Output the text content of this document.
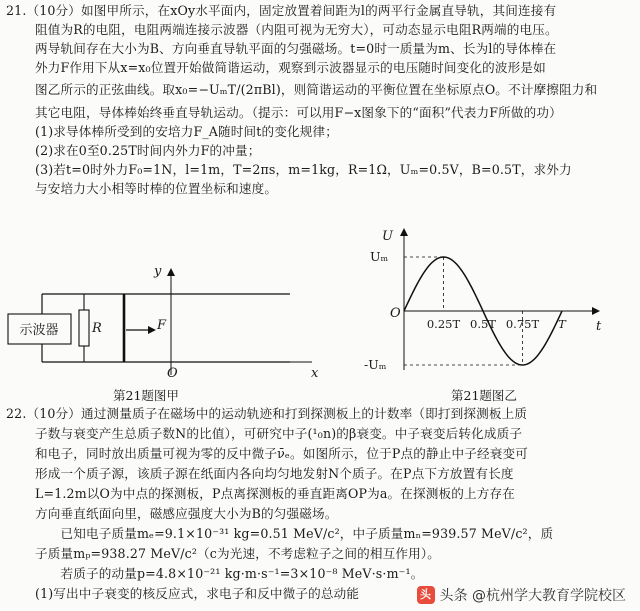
21.（10分）如图甲所示，在xOy水平面内，固定放置着间距为l的两平行金属直导轨，其间连接有
阻值为R的电阻，电阻两端连接示波器（内阻可视为无穷大），可动态显示电阻R两端的电压。
两导轨间存在大小为B、方向垂直导轨平面的匀强磁场。t=0时一质量为m、长为l的导体棒在
外力F作用下从x=x₀位置开始做简谐运动，观察到示波器显示的电压随时间变化的波形是如
图乙所示的正弦曲线。取x₀=−UₘT/(2πBl)，则简谐运动的平衡位置在坐标原点O。不计摩擦阻力和
其它电阻，导体棒始终垂直导轨运动。（提示：可以用F−x图象下的“面积”代表力F所做的功）
(1)求导体棒所受到的安培力F_A随时间t的变化规律；
(2)求在0至0.25T时间内外力F的冲量；
(3)若t=0时外力F₀=1N，l=1m，T=2πs，m=1kg，R=1Ω，Uₘ=0.5V，B=0.5T，求外力
与安培力大小相等时棒的位置坐标和速度。
示波器	R	F
y
x
O
U
t
O
Uₘ
-Uₘ
0.25T 0.5T 0.75T T
第21题图甲	第21题图乙
22.（10分）通过测量质子在磁场中的运动轨迹和打到探测板上的计数率（即打到探测板上质
子数与衰变产生总质子数N的比值），可研究中子(¹₀n)的β衰变。中子衰变后转化成质子
和电子，同时放出质量可视为零的反中微子ν̄ₑ。如图所示，位于P点的静止中子经衰变可
形成一个质子源，该质子源在纸面内各向均匀地发射N个质子。在P点下方放置有长度
L=1.2m以O为中点的探测板，P点离探测板的垂直距离OP为a。在探测板的上方存在
方向垂直纸面向里，磁感应强度大小为B的匀强磁场。
　　已知电子质量mₑ=9.1×10⁻³¹ kg=0.51 MeV/c²，中子质量mₙ=939.57 MeV/c²，质
子质量mₚ=938.27 MeV/c²（c为光速，不考虑粒子之间的相互作用）。
　　若质子的动量p=4.8×10⁻²¹ kg·m·s⁻¹=3×10⁻⁸ MeV·s·m⁻¹。
(1)写出中子衰变的核反应式，求电子和反中微子的总动能	头 头条 @杭州学大教育学院校区
